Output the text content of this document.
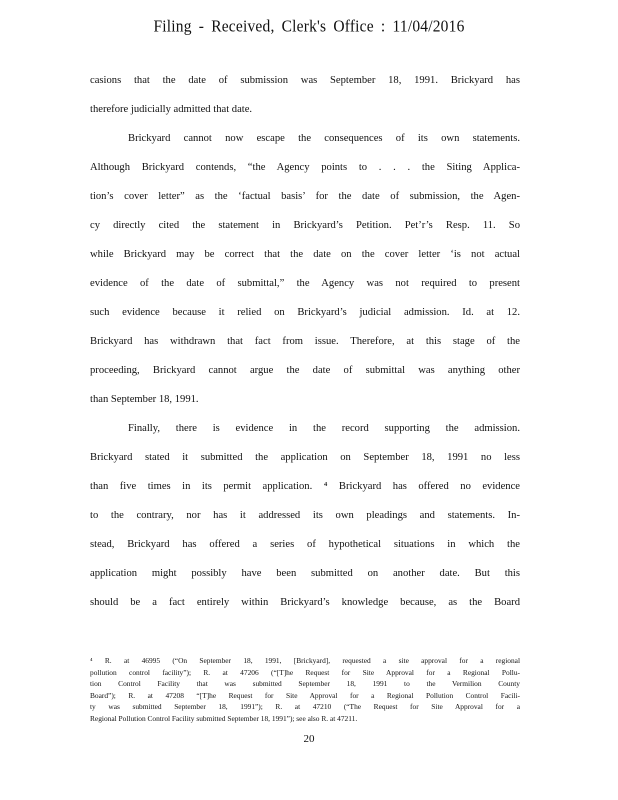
Filing - Received, Clerk's Office : 11/04/2016
casions that the date of submission was September 18, 1991. Brickyard has
therefore judicially admitted that date.
Brickyard cannot now escape the consequences of its own statements.
Although Brickyard contends, “the Agency points to . . . the Siting Applica-
tion’s cover letter” as the ‘factual basis’ for the date of submission, the Agen-
cy directly cited the statement in Brickyard’s Petition. Pet’r’s Resp. 11. So
while Brickyard may be correct that the date on the cover letter ‘is not actual
evidence of the date of submittal,” the Agency was not required to present
such evidence because it relied on Brickyard’s judicial admission. Id. at 12.
Brickyard has withdrawn that fact from issue. Therefore, at this stage of the
proceeding, Brickyard cannot argue the date of submittal was anything other
than September 18, 1991.
Finally, there is evidence in the record supporting the admission.
Brickyard stated it submitted the application on September 18, 1991 no less
than five times in its permit application. ⁴ Brickyard has offered no evidence
to the contrary, nor has it addressed its own pleadings and statements. In-
stead, Brickyard has offered a series of hypothetical situations in which the
application might possibly have been submitted on another date. But this
should be a fact entirely within Brickyard’s knowledge because, as the Board
⁴ R. at 46995 (“On September 18, 1991, [Brickyard], requested a site approval for a regional
pollution control facility”); R. at 47206 (“[T]he Request for Site Approval for a Regional Pollu-
tion Control Facility that was submitted September 18, 1991 to the Vermilion County
Board”); R. at 47208 “[T]he Request for Site Approval for a Regional Pollution Control Facili-
ty was submitted September 18, 1991”); R. at 47210 (“The Request for Site Approval for a
Regional Pollution Control Facility submitted September 18, 1991”); see also R. at 47211.
20
